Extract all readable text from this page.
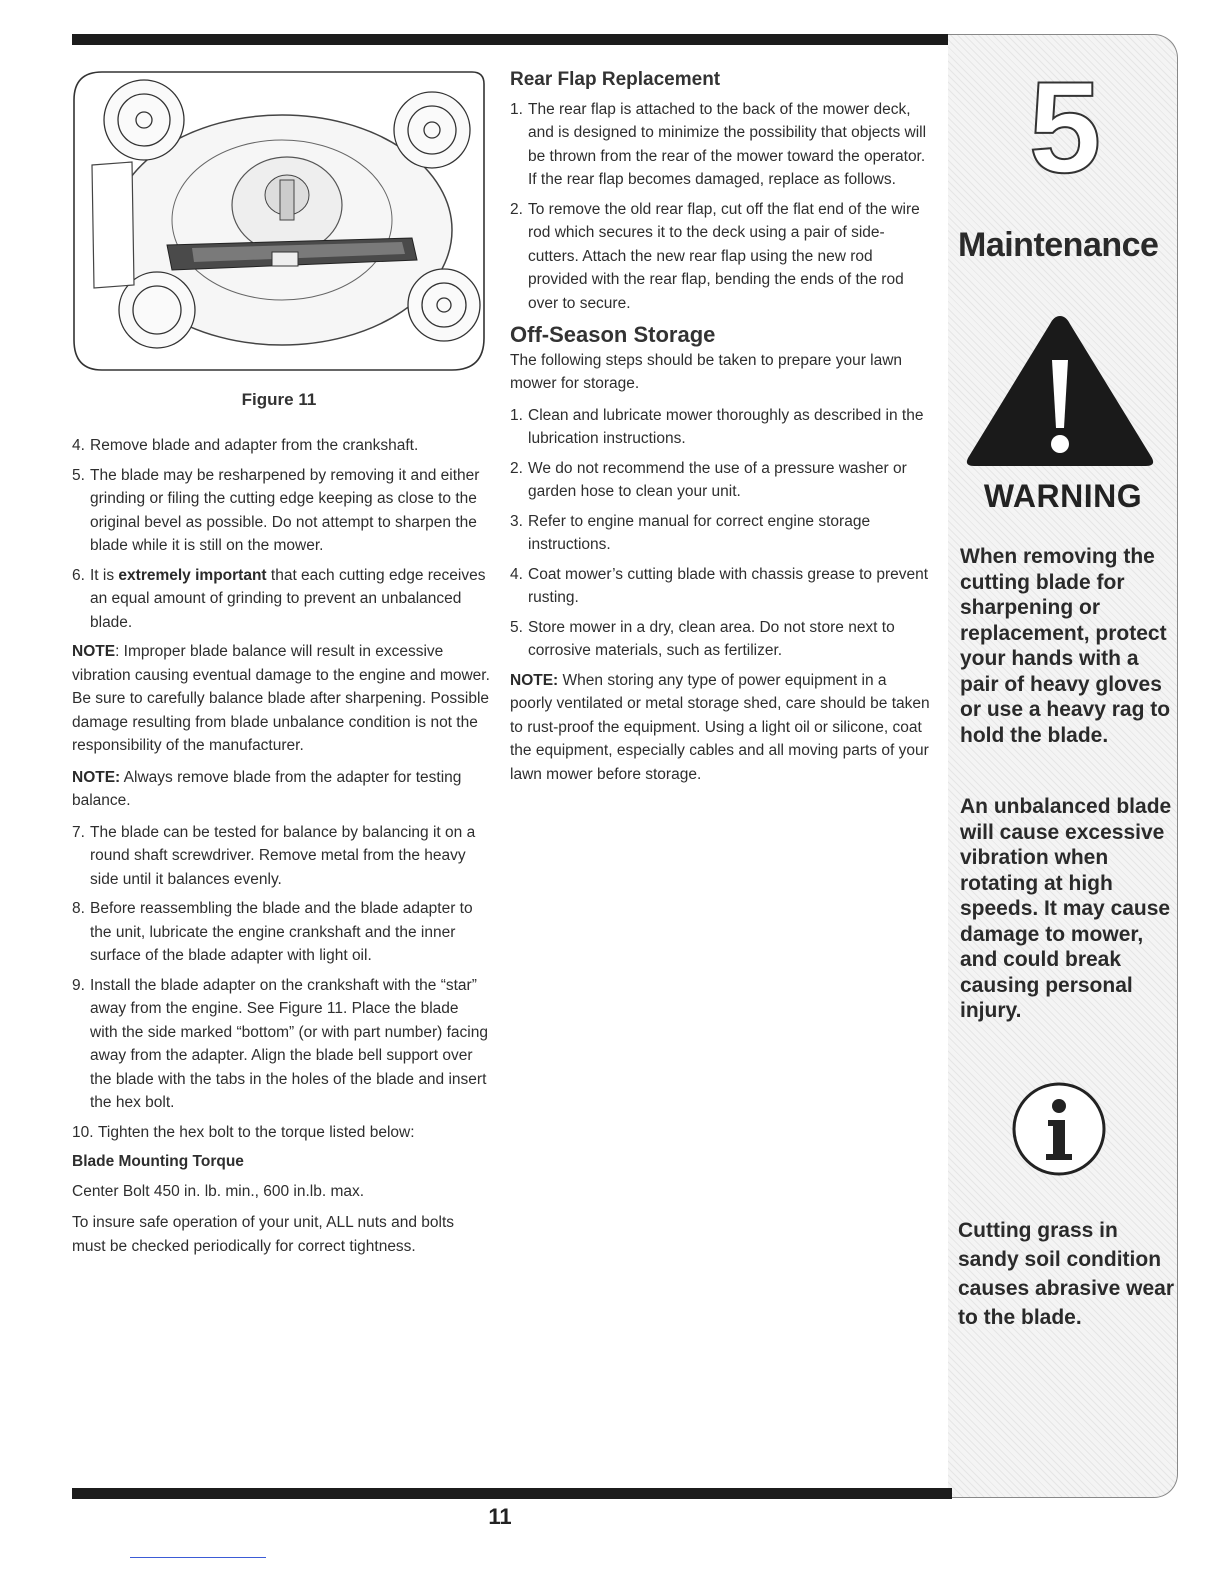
Figure 11
4. Remove blade and adapter from the crankshaft.
5. The blade may be resharpened by removing it and either grinding or filing the cutting edge keeping as close to the original bevel as possible. Do not attempt to sharpen the blade while it is still on the mower.
6. It is extremely important that each cutting edge receives an equal amount of grinding to prevent an unbalanced blade.

NOTE: Improper blade balance will result in excessive vibration causing eventual damage to the engine and mower. Be sure to carefully balance blade after sharpening. Possible damage resulting from blade unbalance condition is not the responsibility of the manufacturer.

NOTE: Always remove blade from the adapter for testing balance.

7. The blade can be tested for balance by balancing it on a round shaft screwdriver. Remove metal from the heavy side until it balances evenly.
8. Before reassembling the blade and the blade adapter to the unit, lubricate the engine crankshaft and the inner surface of the blade adapter with light oil.
9. Install the blade adapter on the crankshaft with the “star” away from the engine. See Figure 11. Place the blade with the side marked “bottom” (or with part number) facing away from the adapter. Align the blade bell support over the blade with the tabs in the holes of the blade and insert the hex bolt.
10. Tighten the hex bolt to the torque listed below:
Blade Mounting Torque

Center Bolt 450 in. lb. min., 600 in.lb. max.

To insure safe operation of your unit, ALL nuts and bolts must be checked periodically for correct tightness.

Rear Flap Replacement
1. The rear flap is attached to the back of the mower deck, and is designed to minimize the possibility that objects will be thrown from the rear of the mower toward the operator. If the rear flap becomes damaged, replace as follows.
2. To remove the old rear flap, cut off the flat end of the wire rod which secures it to the deck using a pair of side-cutters. Attach the new rear flap using the new rod provided with the rear flap, bending the ends of the rod over to secure.
Off-Season Storage

The following steps should be taken to prepare your lawn mower for storage.

1. Clean and lubricate mower thoroughly as described in the lubrication instructions.
2. We do not recommend the use of a pressure washer or garden hose to clean your unit.
3. Refer to engine manual for correct engine storage instructions.
4. Coat mower’s cutting blade with chassis grease to prevent rusting.
5. Store mower in a dry, clean area. Do not store next to corrosive materials, such as fertilizer.

NOTE: When storing any type of power equipment in a poorly ventilated or metal storage shed, care should be taken to rust-proof the equipment. Using a light oil or silicone, coat the equipment, especially cables and all moving parts of your lawn mower before storage.

5
Maintenance
WARNING
When removing the cutting blade for sharpening or replacement, protect your hands with a pair of heavy gloves or use a heavy rag to hold the blade.
An unbalanced blade will cause excessive vibration when rotating at high speeds. It may cause damage to mower, and could break causing personal injury.
Cutting grass in sandy soil condition causes abrasive wear to the blade.
11
